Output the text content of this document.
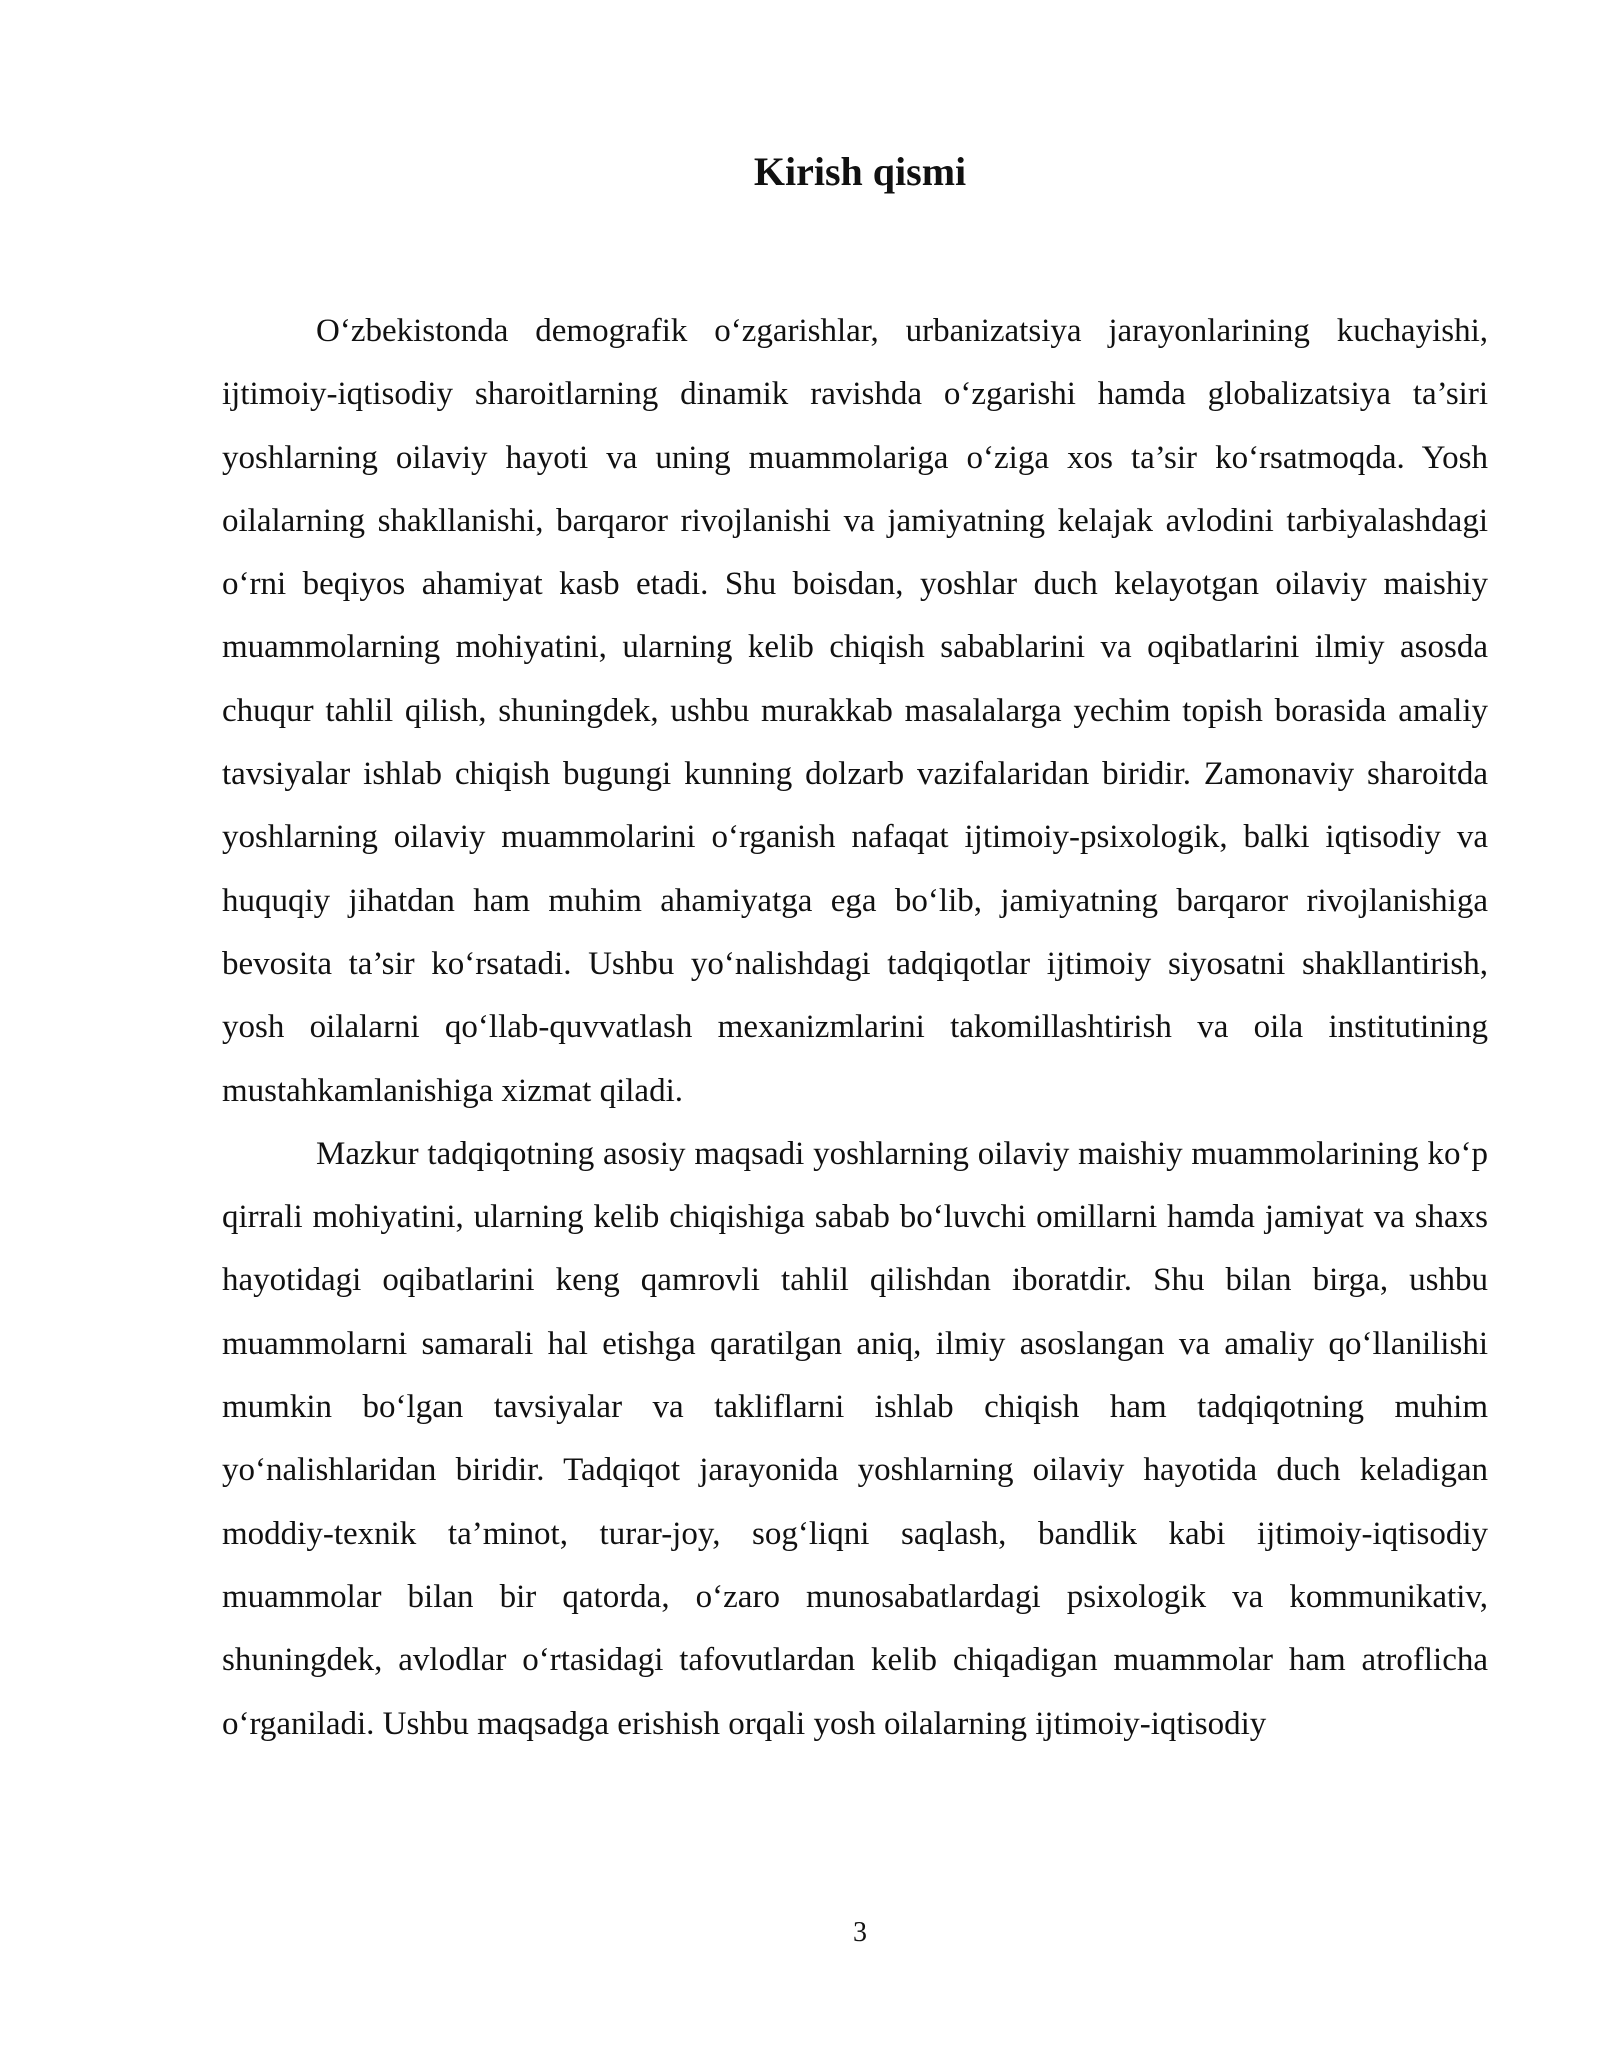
Kirish qismi

O‘zbekistonda demografik o‘zgarishlar, urbanizatsiya jarayonlarining kuchayishi, ijtimoiy-iqtisodiy sharoitlarning dinamik ravishda o‘zgarishi hamda globalizatsiya ta’siri yoshlarning oilaviy hayoti va uning muammolariga o‘ziga xos ta’sir ko‘rsatmoqda. Yosh oilalarning shakllanishi, barqaror rivojlanishi va jamiyatning kelajak avlodini tarbiyalashdagi o‘rni beqiyos ahamiyat kasb etadi. Shu boisdan, yoshlar duch kelayotgan oilaviy maishiy muammolarning mohiyatini, ularning kelib chiqish sabablarini va oqibatlarini ilmiy asosda chuqur tahlil qilish, shuningdek, ushbu murakkab masalalarga yechim topish borasida amaliy tavsiyalar ishlab chiqish bugungi kunning dolzarb vazifalaridan biridir. Zamonaviy sharoitda yoshlarning oilaviy muammolarini o‘rganish nafaqat ijtimoiy-psixologik, balki iqtisodiy va huquqiy jihatdan ham muhim ahamiyatga ega bo‘lib, jamiyatning barqaror rivojlanishiga bevosita ta’sir ko‘rsatadi. Ushbu yo‘nalishdagi tadqiqotlar ijtimoiy siyosatni shakllantirish, yosh oilalarni qo‘llab-quvvatlash mexanizmlarini takomillashtirish va oila institutining mustahkamlanishiga xizmat qiladi.

Mazkur tadqiqotning asosiy maqsadi yoshlarning oilaviy maishiy muammolarining ko‘p qirrali mohiyatini, ularning kelib chiqishiga sabab bo‘luvchi omillarni hamda jamiyat va shaxs hayotidagi oqibatlarini keng qamrovli tahlil qilishdan iboratdir. Shu bilan birga, ushbu muammolarni samarali hal etishga qaratilgan aniq, ilmiy asoslangan va amaliy qo‘llanilishi mumkin bo‘lgan tavsiyalar va takliflarni ishlab chiqish ham tadqiqotning muhim yo‘nalishlaridan biridir. Tadqiqot jarayonida yoshlarning oilaviy hayotida duch keladigan moddiy-texnik ta’minot, turar-joy, sog‘liqni saqlash, bandlik kabi ijtimoiy-iqtisodiy muammolar bilan bir qatorda, o‘zaro munosabatlardagi psixologik va kommunikativ, shuningdek, avlodlar o‘rtasidagi tafovutlardan kelib chiqadigan muammolar ham atroflicha o‘rganiladi. Ushbu maqsadga erishish orqali yosh oilalarning ijtimoiy-iqtisodiy

3
